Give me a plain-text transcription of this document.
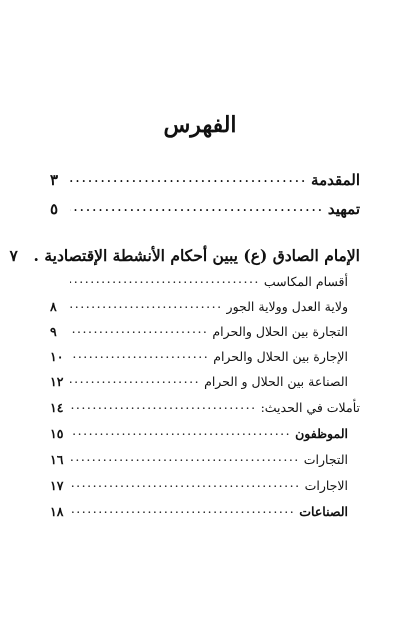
الفهرس
المقدمة
.....
٣
تمهيد
.....
٥
الإمام الصادق (ع) يبين أحكام الأنشطة الإقتصادية .
٧
أقسام المكاسب
.....
ولاية العدل وولاية الجور
.....
٨
التجارة بين الحلال والحرام
.....
٩
الإجارة بين الحلال والحرام
.....
١٠
الصناعة بين الحلال و الحرام
.....
١٢
تأملات في الحديث:
.....
١٤
الموظفون
.....
١٥
التجارات
.....
١٦
الاجارات
.....
١٧
الصناعات
.....
١٨
